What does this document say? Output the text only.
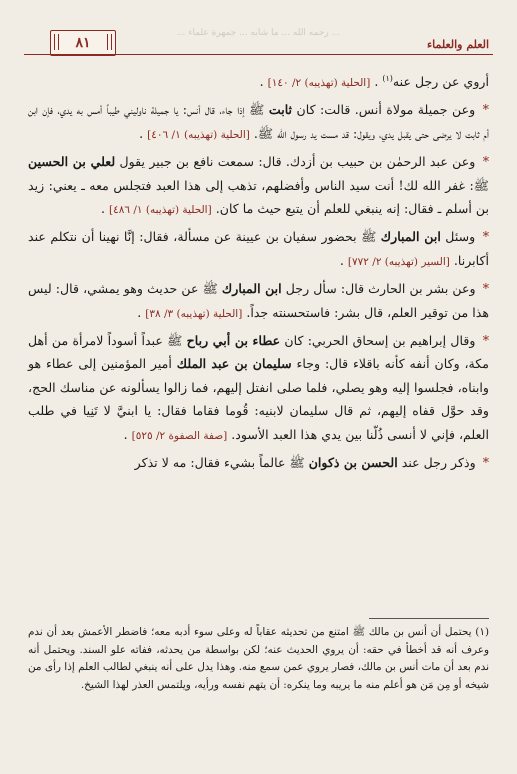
... رحمه الله ... ما شابه ... جمهرة علماء ...
العلم والعلماء
٨١

أروي عن رجل عنه$^{(١)}$ . [الحلية (تهذيبه) ٢/ ١٤٠] .

* وعن جميلة مولاة أنس. قالت: كان ثابت ﷺ إذا جاء، قال أنس: يا جميلة ناوليني طيباً أمس به يدي، فإن ابن أم ثابت لا يرضى حتى يقبل يدي، ويقول: قد مست يد رسول الله ﷺ. [الحلية (تهذيبه) ١/ ٤٠٦] .

* وعن عبد الرحمٰن بن حبيب بن أزدك. قال: سمعت نافع بن جبير يقول لعلي بن الحسين ﷺ: غفر الله لك! أنت سيد الناس وأفضلهم، تذهب إلى هذا العبد فتجلس معه ـ يعني: زيد بن أسلم ـ فقال: إنه ينبغي للعلم أن يتبع حيث ما كان. [الحلية (تهذيبه) ١/ ٤٨٦] .

* وسئل ابن المبارك ﷺ بحضور سفيان بن عيينة عن مسألة، فقال: إنَّا نهينا أن نتكلم عند أكابرنا. [السير (تهذيبه) ٢/ ٧٧٢] .

* وعن بشر بن الحارث قال: سأل رجل ابن المبارك ﷺ عن حديث وهو يمشي، قال: ليس هذا من توقير العلم، قال بشر: فاستحسنته جداً. [الحلية (تهذيبه) ٣/ ٣٨] .

* وقال إبراهيم بن إسحاق الحربي: كان عطاء بن أبي رباح ﷺ عبداً أسوداً لامرأة من أهل مكة، وكان أنفه كأنه باقلاء قال: وجاء سليمان بن عبد الملك أمير المؤمنين إلى عطاء هو وابناه، فجلسوا إليه وهو يصلي، فلما صلى انفتل إليهم، فما زالوا يسألونه عن مناسك الحج، وقد حوَّل قفاه إليهم، ثم قال سليمان لابنيه: قُوما فقاما فقال: يا ابنيَّ لا تَنِيا في طلب العلم، فإني لا أنسى ذُلّنا بين يدي هذا العبد الأسود. [صفة الصفوة ٢/ ٥٢٥] .

* وذكر رجل عند الحسن بن ذكوان ﷺ عالماً بشيء فقال: مه لا تذكر

(١) يحتمل أن أنس بن مالك ﷺ امتنع من تحديثه عقاباً له وعلى سوء أدبه معه؛ فاضطر الأعمش بعد أن ندم وعرف أنه قد أخطأ في حقه: أن يروي الحديث عنه؛ لكن بواسطة من يحدثه، ففاته علو السند. ويحتمل أنه ندم بعد أن مات أنس بن مالك، فصار يروي عمن سمع منه. وهذا يدل على أنه ينبغي لطالب العلم إذا رأى من شيخه أو مِن مَن هو أعلم منه ما يريبه وما ينكره: أن يتهم نفسه ورأيه، ويلتمس العذر لهذا الشيخ.
